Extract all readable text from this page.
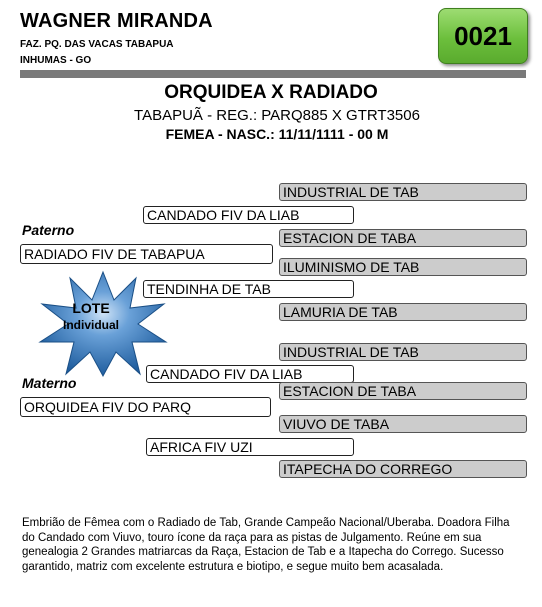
WAGNER MIRANDA
FAZ. PQ. DAS VACAS TABAPUA
INHUMAS - GO
0021
ORQUIDEA X RADIADO
TABAPUÃ - REG.: PARQ885 X GTRT3506
FEMEA - NASC.: 11/11/1111 - 00 M
INDUSTRIAL DE TAB
CANDADO FIV DA LIAB
Paterno	ESTACION DE TABA
RADIADO FIV DE TABAPUA
ILUMINISMO DE TAB
TENDINHA DE TAB
LAMURIA DE TAB
INDUSTRIAL DE TAB
CANDADO FIV DA LIAB
Materno	ESTACION DE TABA
ORQUIDEA FIV DO PARQ
VIUVO DE TABA
AFRICA FIV UZI
ITAPECHA DO CORREGO
LOTE
Individual
Embrião de Fêmea com o Radiado de Tab, Grande Campeão Nacional/Uberaba. Doadora Filha do Candado com Viuvo, touro ícone da raça para as pistas de Julgamento. Reúne em sua genealogia 2 Grandes matriarcas da Raça, Estacion de Tab e a Itapecha do Corrego. Sucesso garantido, matriz com excelente estrutura e biotipo, e segue muito bem acasalada.
